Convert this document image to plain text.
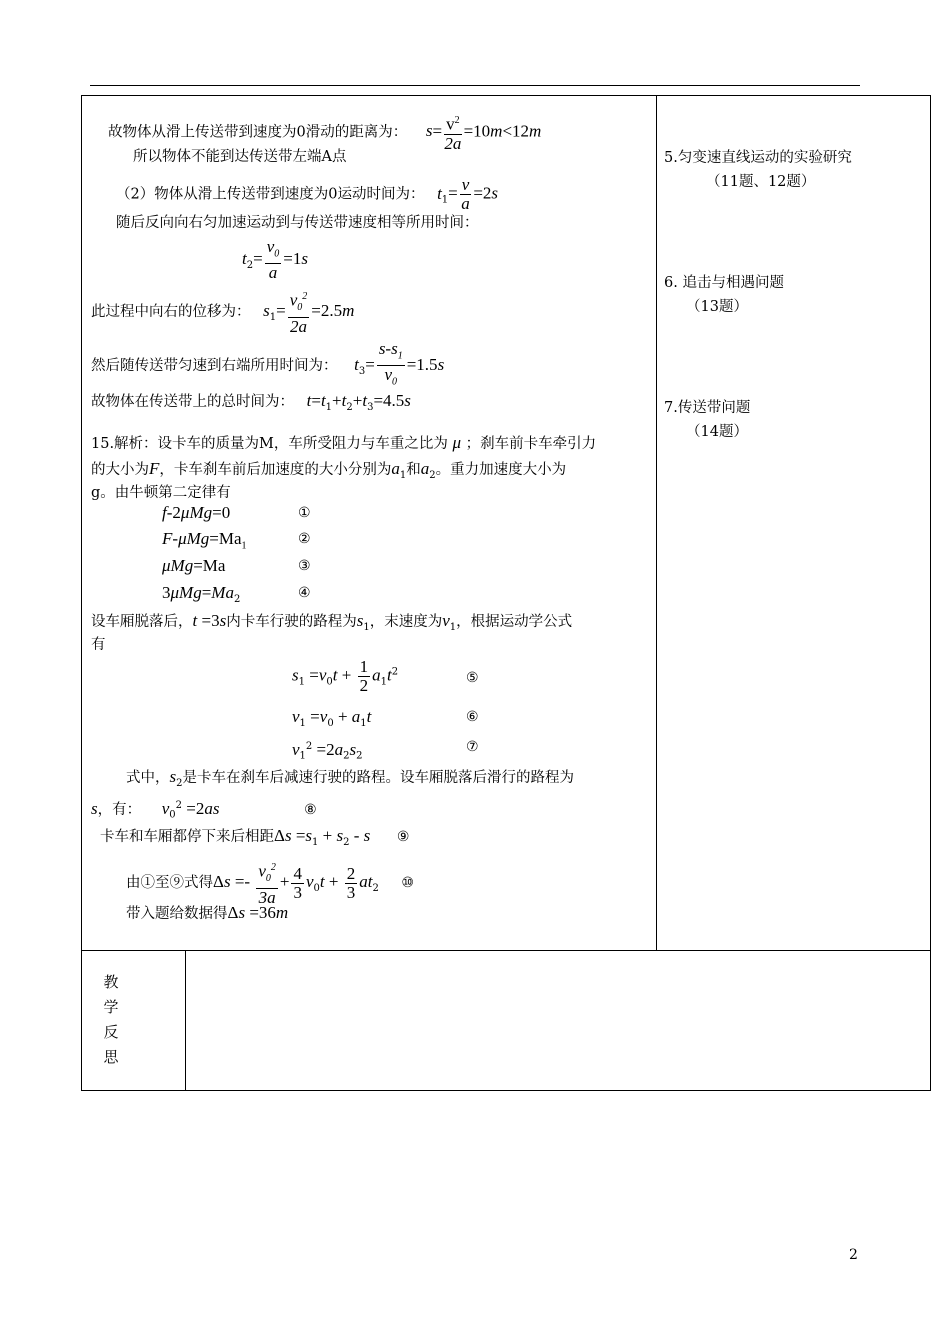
故物体从滑上传送带到速度为0滑动的距离为： $s= \frac{v^2}{2a} =10m<12m$
所以物体不能到达传送带左端A点
（2）物体从滑上传送带到速度为0运动时间为： $t_1= \frac{v}{a} =2s$
随后反向向右匀加速运动到与传送带速度相等所用时间：
$t_2= \frac{v_0}{a} =1s$
此过程中向右的位移为： $s_1= \frac{v_0^2}{2a} =2.5m$
然后随传送带匀速到右端所用时间为： $t_3= \frac{s-s_1}{v_0} =1.5s$
故物体在传送带上的总时间为： $t=t_1+t_2+t_3=4.5s$
15.解析：设卡车的质量为M，车所受阻力与车重之比为 μ ；刹车前卡车牵引力
的大小为F，卡车刹车前后加速度的大小分别为$a_1$和$a_2$。重力加速度大小为
g。由牛顿第二定律有
f-2μMg=0	①
$F-\mu Mg=Ma_1$	②
μMg=Ma	③
$3\mu Mg=Ma_2$	④
设车厢脱落后，t =3s内卡车行驶的路程为$s_1$，末速度为$v_1$，根据运动学公式
有
$s_1 =v_0t + \frac{1}{2} a_1t^2$	⑤
$v_1 =v_0 + a_1t$	⑥
$v_1^2 =2a_2s_2$
⑦
式中，$s_2$是卡车在刹车后减速行驶的路程。设车厢脱落后滑行的路程为
s，有： $v_0^2 =2as$	⑧
卡车和车厢都停下来后相距$\Delta s =s_1 + s_2 - s$ ⑨
由①至⑨式得$\Delta s =- \frac{v_0^2}{3a} + \frac{4}{3} v_0t + \frac{2}{3} at_2$ ⑩
带入题给数据得Δs =36m
5.匀变速直线运动的实验研究
（11题、12题）
6. 追击与相遇问题
（13题）
7.传送带问题
（14题）
教
学
反
思
2
